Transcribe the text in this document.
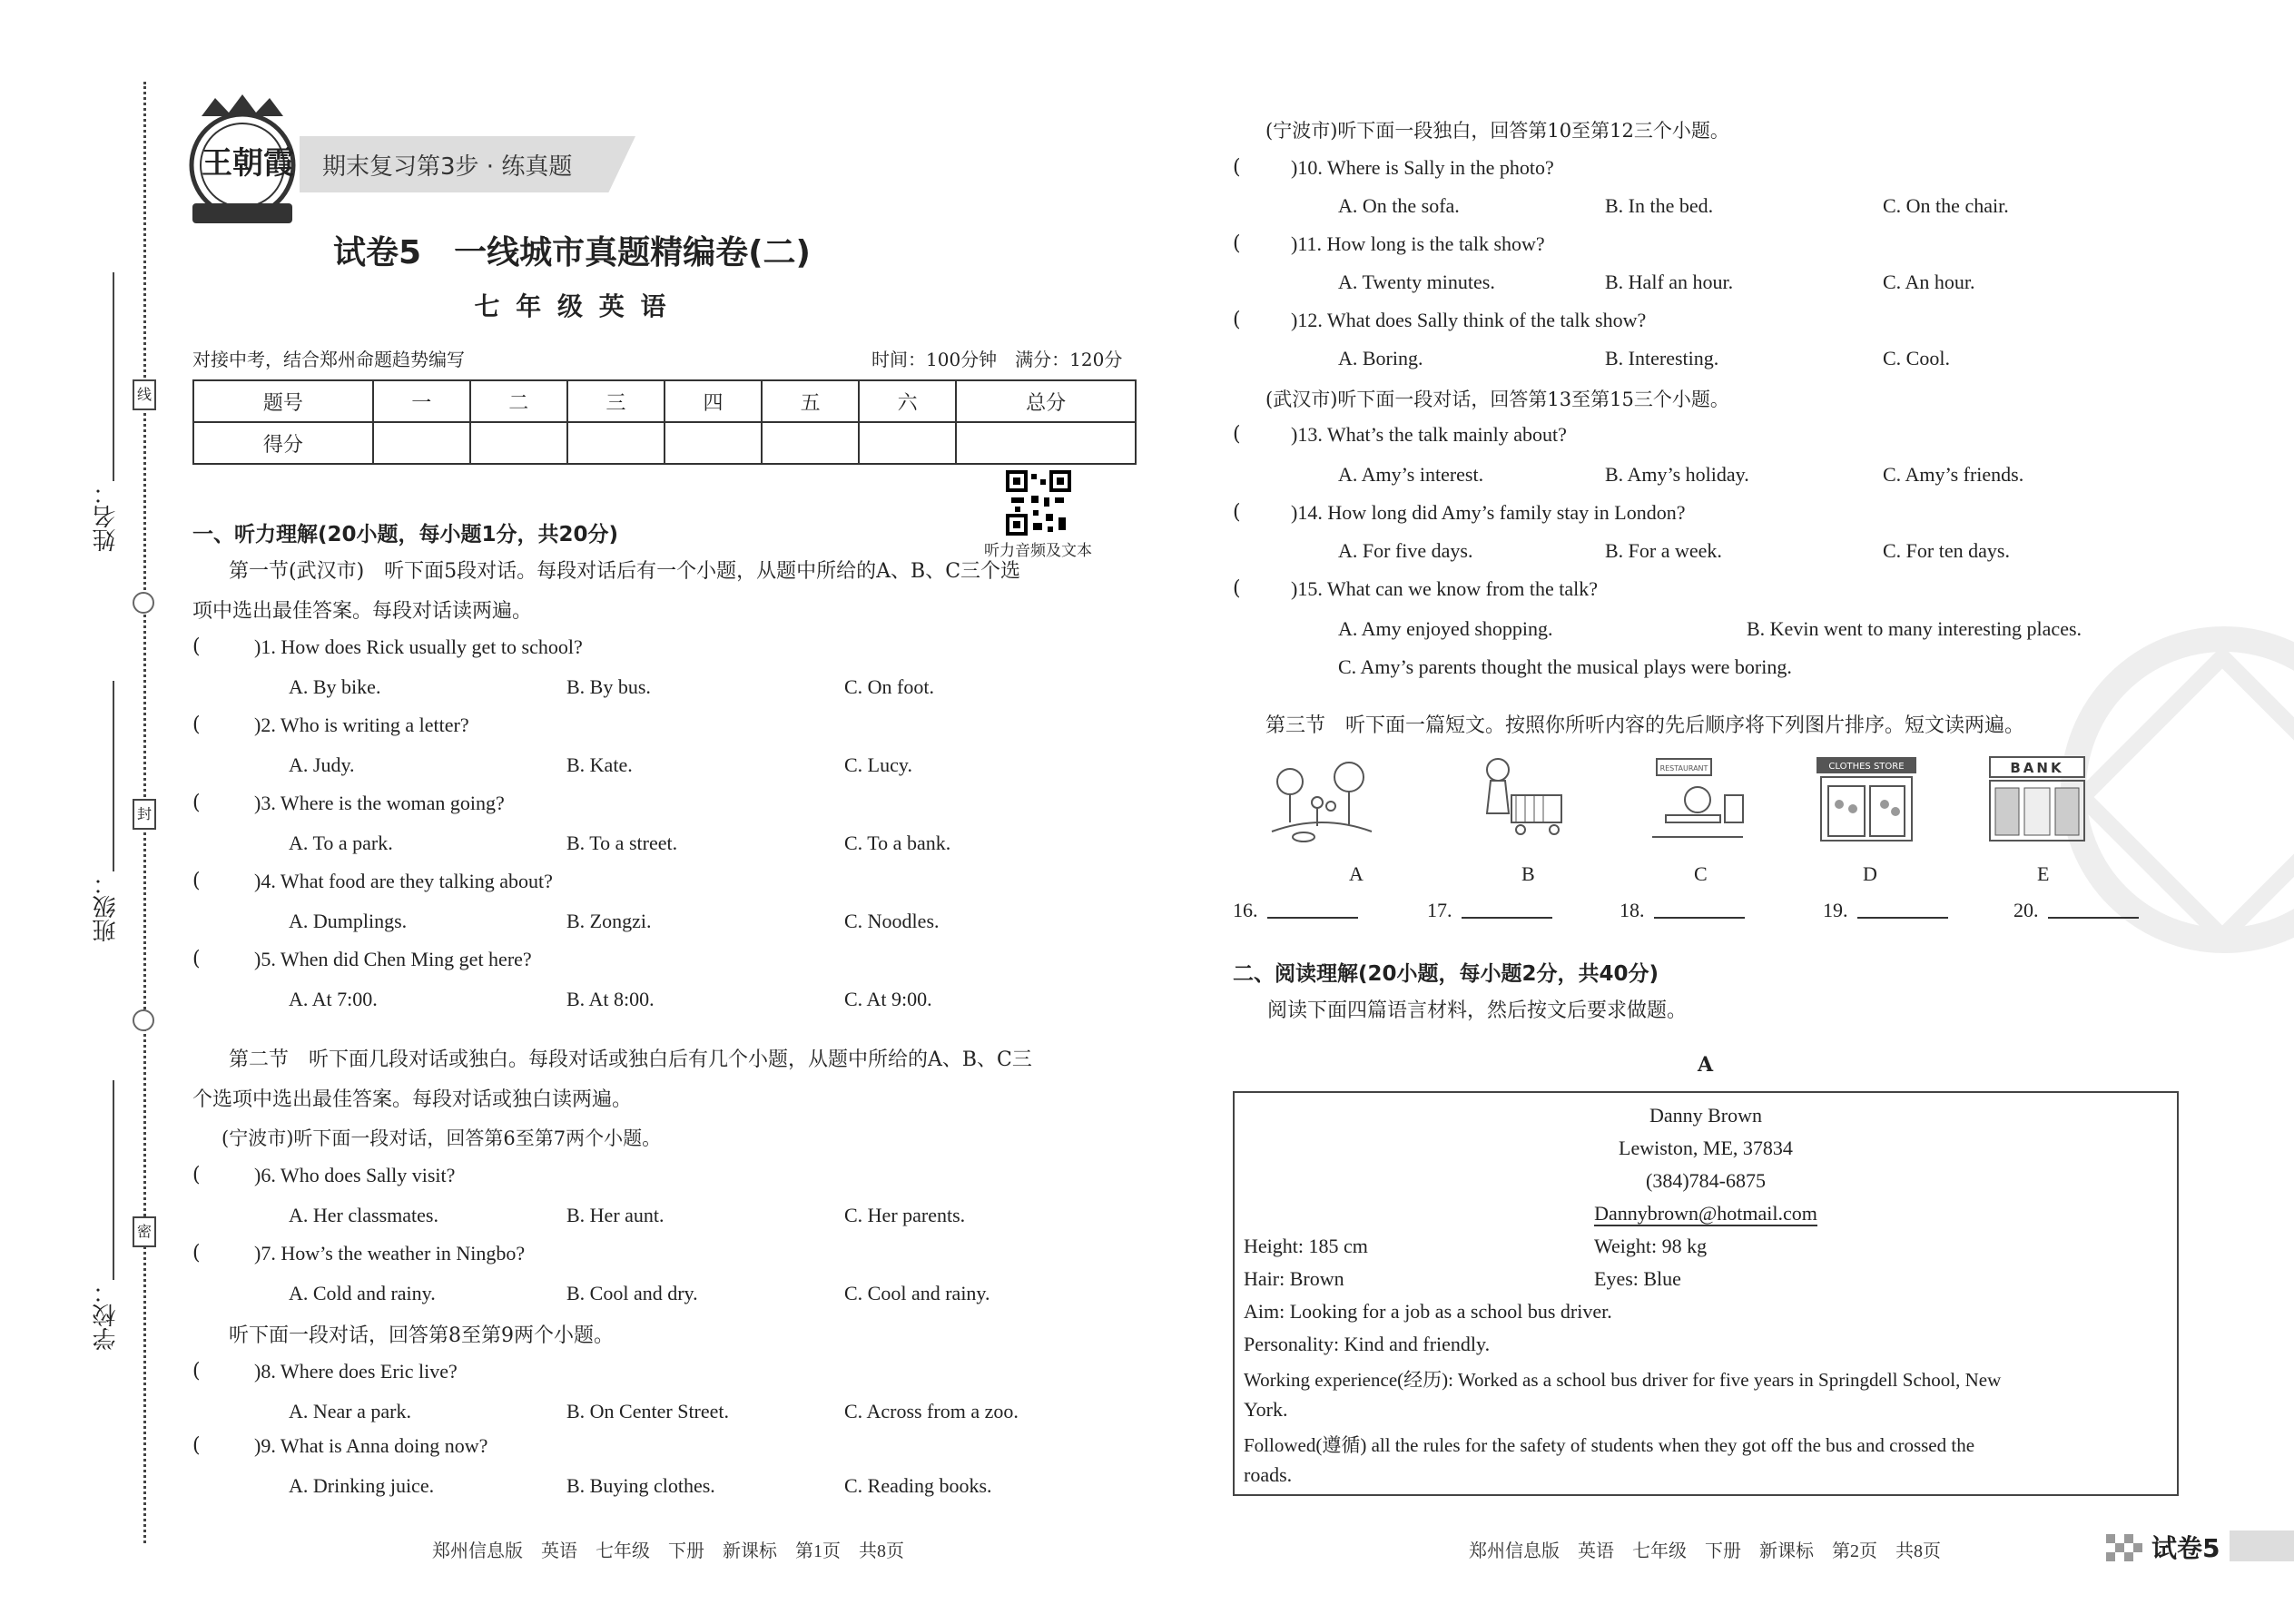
姓名：
班级：
学校：
线
封
密
王朝霞 期末复习第3步 · 练真题
试卷5　一线城市真题精编卷(二)
七 年 级 英 语
对接中考，结合郑州命题趋势编写	时间：100分钟　满分：120分
题号	一	二	三	四	五	六	总分
得分							
听力音频及文本
一、听力理解(20小题，每小题1分，共20分)
第一节(武汉市)　听下面5段对话。每段对话后有一个小题，从题中所给的A、B、C三个选
项中选出最佳答案。每段对话读两遍。
(	)1. How does Rick usually get to school?
A. By bike.	B. By bus.	C. On foot.
(	)2. Who is writing a letter?
A. Judy.	B. Kate.	C. Lucy.
(	)3. Where is the woman going?
A. To a park.	B. To a street.	C. To a bank.
(	)4. What food are they talking about?
A. Dumplings.	B. Zongzi.	C. Noodles.
(	)5. When did Chen Ming get here?
A. At 7:00.	B. At 8:00.	C. At 9:00.
第二节　听下面几段对话或独白。每段对话或独白后有几个小题，从题中所给的A、B、C三
个选项中选出最佳答案。每段对话或独白读两遍。
(宁波市)听下面一段对话，回答第6至第7两个小题。
(	)6. Who does Sally visit?
A. Her classmates.	B. Her aunt.	C. Her parents.
(	)7. How’s the weather in Ningbo?
A. Cold and rainy.	B. Cool and dry.	C. Cool and rainy.
听下面一段对话，回答第8至第9两个小题。
(	)8. Where does Eric live?
A. Near a park.	B. On Center Street.	C. Across from a zoo.
(	)9. What is Anna doing now?
A. Drinking juice.	B. Buying clothes.	C. Reading books.
郑州信息版　英语　七年级　下册　新课标　第1页　共8页
(宁波市)听下面一段独白，回答第10至第12三个小题。
(	)10. Where is Sally in the photo?
A. On the sofa.	B. In the bed.	C. On the chair.
(	)11. How long is the talk show?
A. Twenty minutes.	B. Half an hour.	C. An hour.
(	)12. What does Sally think of the talk show?
A. Boring.	B. Interesting.	C. Cool.
(武汉市)听下面一段对话，回答第13至第15三个小题。
(	)13. What’s the talk mainly about?
A. Amy’s interest.	B. Amy’s holiday.	C. Amy’s friends.
(	)14. How long did Amy’s family stay in London?
A. For five days.	B. For a week.	C. For ten days.
(	)15. What can we know from the talk?
A. Amy enjoyed shopping.	B. Kevin went to many interesting places.
C. Amy’s parents thought the musical plays were boring.
第三节　听下面一篇短文。按照你所听内容的先后顺序将下列图片排序。短文读两遍。
RESTAURANT	CLOTHES STORE	BANK
A	B	C	D	E
16.	17.	18.	19.	20.
二、阅读理解(20小题，每小题2分，共40分)
阅读下面四篇语言材料，然后按文后要求做题。
A
Danny Brown
Lewiston, ME, 37834
(384)784-6875
Dannybrown@hotmail.com
Height: 185 cm	Weight: 98 kg
Hair: Brown	Eyes: Blue
Aim: Looking for a job as a school bus driver.
Personality: Kind and friendly.
Working experience(经历): Worked as a school bus driver for five years in Springdell School, New
York.
Followed(遵循) all the rules for the safety of students when they got off the bus and crossed the
roads.
郑州信息版　英语　七年级　下册　新课标　第2页　共8页	试卷5
